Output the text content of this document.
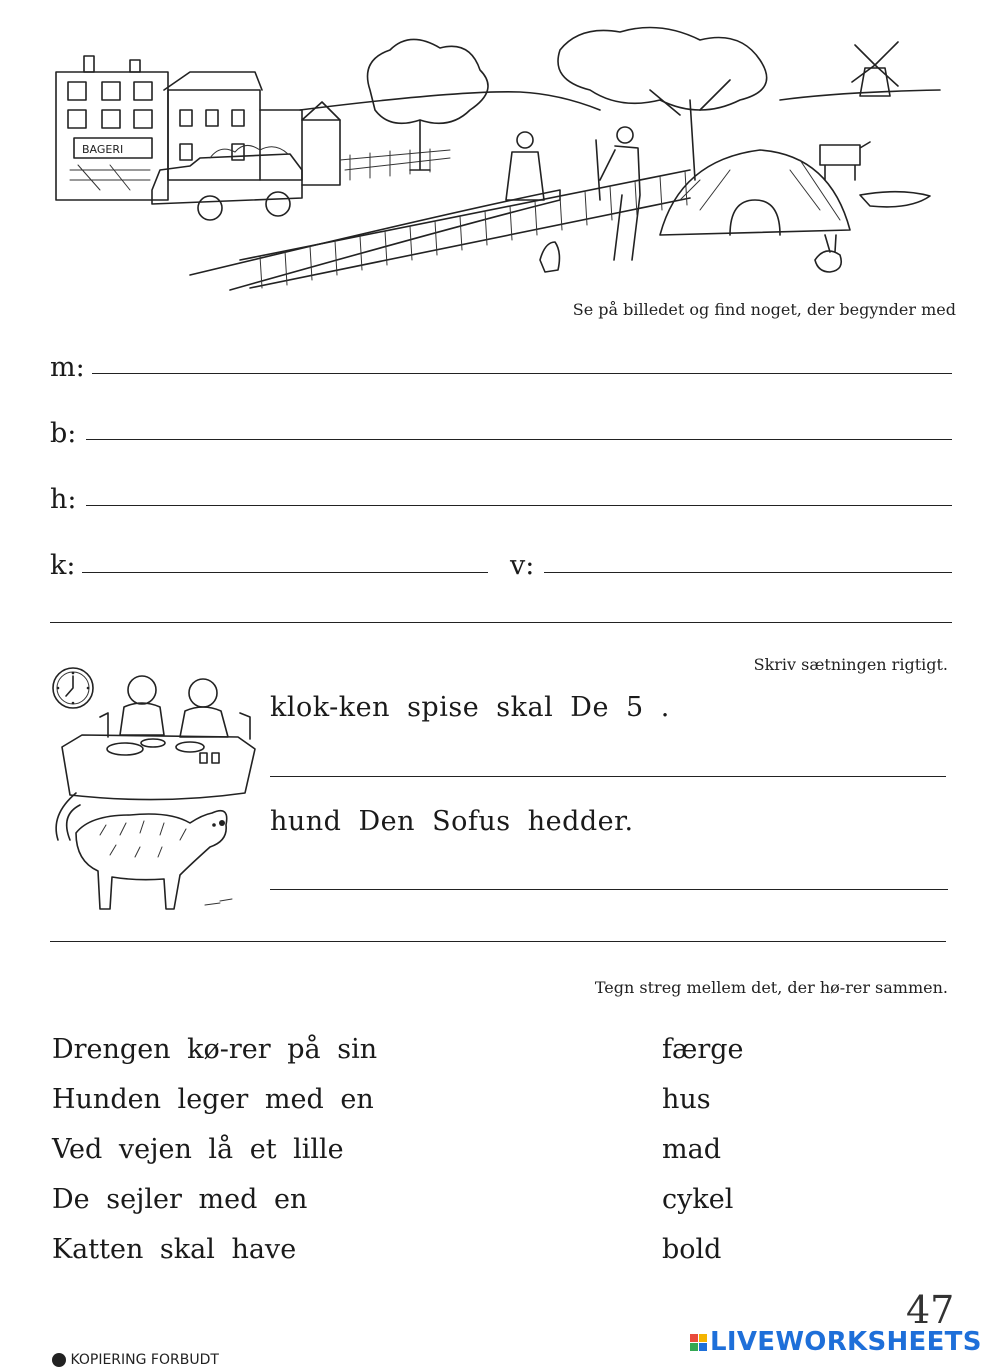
BAGERI
Se på billedet og find noget, der begynder med
m:
b:
h:
k:	v:
Skriv sætningen rigtigt.
klok-ken spise skal De 5 .
hund Den Sofus hedder.
Tegn streg mellem det, der hø-rer sammen.
Drengen kø-rer på sin
Hunden leger med en
Ved vejen lå et lille
De sejler med en
Katten skal have
færge
hus
mad
cykel
bold
47
KOPIERING FORBUDT
LIVEWORKSHEETS
